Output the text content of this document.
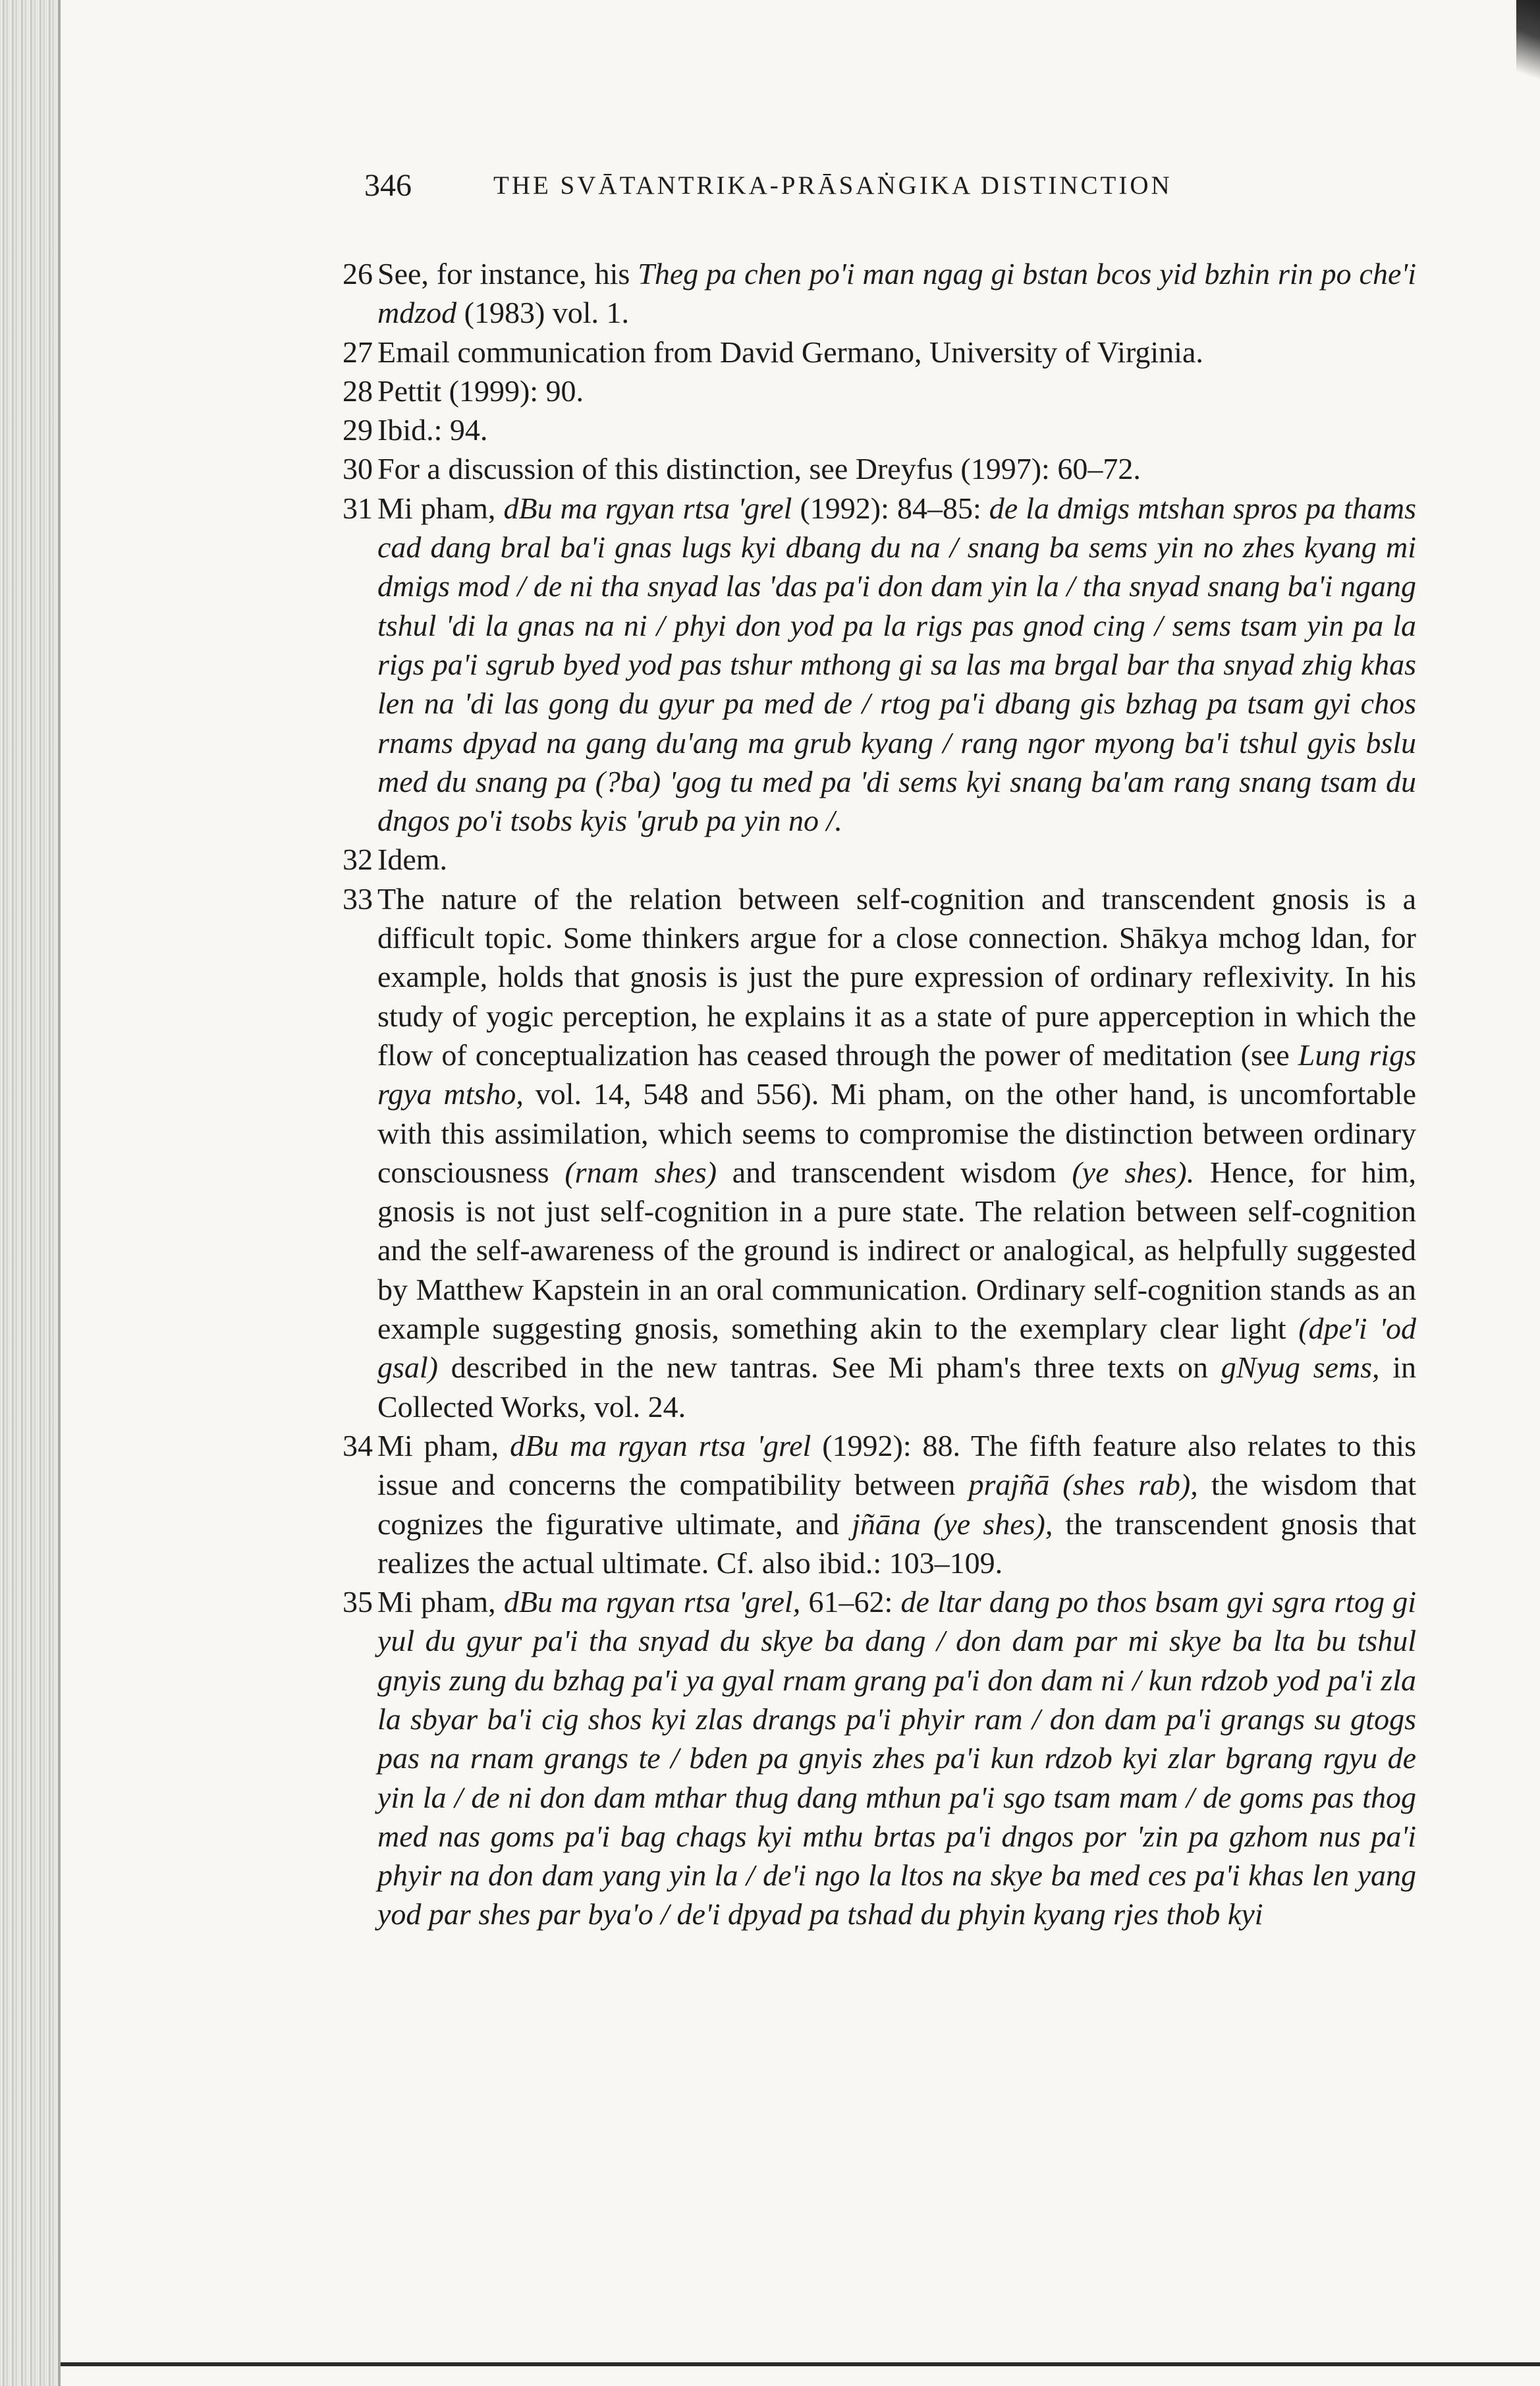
346	THE SVĀTANTRIKA-PRĀSAṄGIKA DISTINCTION

26 See, for instance, his Theg pa chen po'i man ngag gi bstan bcos yid bzhin rin po che'i mdzod (1983) vol. 1.

27 Email communication from David Germano, University of Virginia.

28 Pettit (1999): 90.

29 Ibid.: 94.

30 For a discussion of this distinction, see Dreyfus (1997): 60–72.

31 Mi pham, dBu ma rgyan rtsa 'grel (1992): 84–85: de la dmigs mtshan spros pa thams cad dang bral ba'i gnas lugs kyi dbang du na / snang ba sems yin no zhes kyang mi dmigs mod / de ni tha snyad las 'das pa'i don dam yin la / tha snyad snang ba'i ngang tshul 'di la gnas na ni / phyi don yod pa la rigs pas gnod cing / sems tsam yin pa la rigs pa'i sgrub byed yod pas tshur mthong gi sa las ma brgal bar tha snyad zhig khas len na 'di las gong du gyur pa med de / rtog pa'i dbang gis bzhag pa tsam gyi chos rnams dpyad na gang du'ang ma grub kyang / rang ngor myong ba'i tshul gyis bslu med du snang pa (?ba) 'gog tu med pa 'di sems kyi snang ba'am rang snang tsam du dngos po'i tsobs kyis 'grub pa yin no /.

32 Idem.

33 The nature of the relation between self-cognition and transcendent gnosis is a difficult topic. Some thinkers argue for a close connection. Shākya mchog ldan, for example, holds that gnosis is just the pure expression of ordinary reflexivity. In his study of yogic perception, he explains it as a state of pure apperception in which the flow of conceptualization has ceased through the power of meditation (see Lung rigs rgya mtsho, vol. 14, 548 and 556). Mi pham, on the other hand, is uncomfortable with this assimilation, which seems to compromise the distinction between ordinary consciousness (rnam shes) and transcendent wisdom (ye shes). Hence, for him, gnosis is not just self-cognition in a pure state. The relation between self-cognition and the self-awareness of the ground is indirect or analogical, as helpfully suggested by Matthew Kapstein in an oral communication. Ordinary self-cognition stands as an example suggesting gnosis, something akin to the exemplary clear light (dpe'i 'od gsal) described in the new tantras. See Mi pham's three texts on gNyug sems, in Collected Works, vol. 24.

34 Mi pham, dBu ma rgyan rtsa 'grel (1992): 88. The fifth feature also relates to this issue and concerns the compatibility between prajñā (shes rab), the wisdom that cognizes the figurative ultimate, and jñāna (ye shes), the transcendent gnosis that realizes the actual ultimate. Cf. also ibid.: 103–109.

35 Mi pham, dBu ma rgyan rtsa 'grel, 61–62: de ltar dang po thos bsam gyi sgra rtog gi yul du gyur pa'i tha snyad du skye ba dang / don dam par mi skye ba lta bu tshul gnyis zung du bzhag pa'i ya gyal rnam grang pa'i don dam ni / kun rdzob yod pa'i zla la sbyar ba'i cig shos kyi zlas drangs pa'i phyir ram / don dam pa'i grangs su gtogs pas na rnam grangs te / bden pa gnyis zhes pa'i kun rdzob kyi zlar bgrang rgyu de yin la / de ni don dam mthar thug dang mthun pa'i sgo tsam mam / de goms pas thog med nas goms pa'i bag chags kyi mthu brtas pa'i dngos por 'zin pa gzhom nus pa'i phyir na don dam yang yin la / de'i ngo la ltos na skye ba med ces pa'i khas len yang yod par shes par bya'o / de'i dpyad pa tshad du phyin kyang rjes thob kyi
